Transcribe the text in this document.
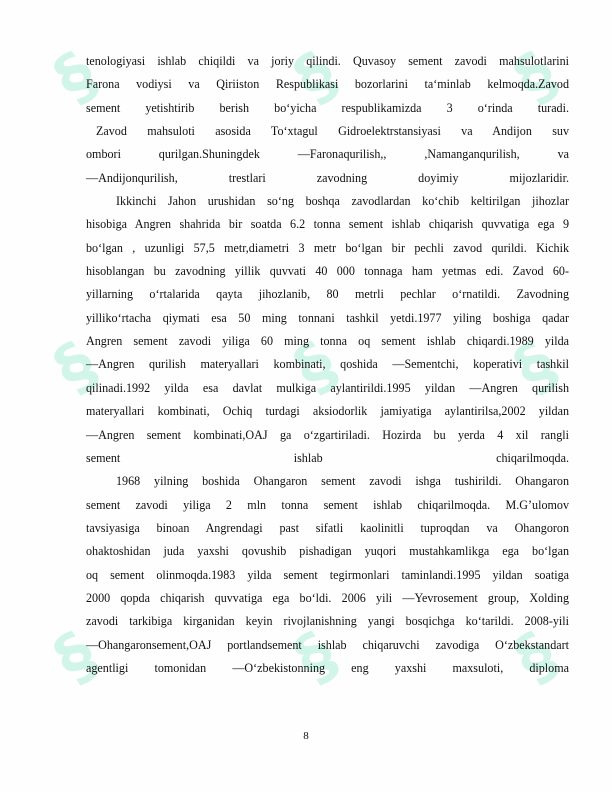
§	§ §
§	§ §
§	§ §
tenologiyasi ishlab chiqildi va joriy qilindi. Quvasoy sement zavodi mahsulotlarini
Farona vodiysi va Qiriiston Respublikasi bozorlarini ta‘minlab kelmoqda.Zavod
sement yetishtirib berish bo‘yicha respublikamizda 3 o‘rinda turadi.
Zavod mahsuloti asosida To‘xtagul Gidroelektrstansiyasi va Andijon suv
ombori qurilgan.Shuningdek ―Faronaqurilish,, ,Namanganqurilish, va
―Andijonqurilish, trestlari zavodning doyimiy mijozlaridir.
Ikkinchi Jahon urushidan so‘ng boshqa zavodlardan ko‘chib keltirilgan jihozlar
hisobiga Angren shahrida bir soatda 6.2 tonna sement ishlab chiqarish quvvatiga ega 9
bo‘lgan , uzunligi 57,5 metr,diametri 3 metr bo‘lgan bir pechli zavod qurildi. Kichik
hisoblangan bu zavodning yillik quvvati 40 000 tonnaga ham yetmas edi. Zavod 60-
yillarning o‘rtalarida qayta jihozlanib, 80 metrli pechlar o‘rnatildi. Zavodning
yilliko‘rtacha qiymati esa 50 ming tonnani tashkil yetdi.1977 yiling boshiga qadar
Angren sement zavodi yiliga 60 ming tonna oq sement ishlab chiqardi.1989 yilda
―Angren qurilish materyallari kombinati, qoshida ―Sementchi, koperativi tashkil
qilinadi.1992 yilda esa davlat mulkiga aylantirildi.1995 yildan ―Angren qurilish
materyallari kombinati, Ochiq turdagi aksiodorlik jamiyatiga aylantirilsa,2002 yildan
―Angren sement kombinati,OAJ ga o‘zgartiriladi. Hozirda bu yerda 4 xil rangli
sement ishlab chiqarilmoqda.
1968 yilning boshida Ohangaron sement zavodi ishga tushirildi. Ohangaron
sement zavodi yiliga 2 mln tonna sement ishlab chiqarilmoqda. M.G’ulomov
tavsiyasiga binoan Angrendagi past sifatli kaolinitli tuproqdan va Ohangoron
ohaktoshidan juda yaxshi qovushib pishadigan yuqori mustahkamlikga ega bo‘lgan
oq sement olinmoqda.1983 yilda sement tegirmonlari taminlandi.1995 yildan soatiga
2000 qopda chiqarish quvvatiga ega bo‘ldi. 2006 yili ―Yevrosement group, Xolding
zavodi tarkibiga kirganidan keyin rivojlanishning yangi bosqichga ko‘tarildi. 2008-yili
―Ohangaronsement,OAJ portlandsement ishlab chiqaruvchi zavodiga O‘zbekstandart
agentligi tomonidan ―O‘zbekistonning eng yaxshi maxsuloti, diploma
8
